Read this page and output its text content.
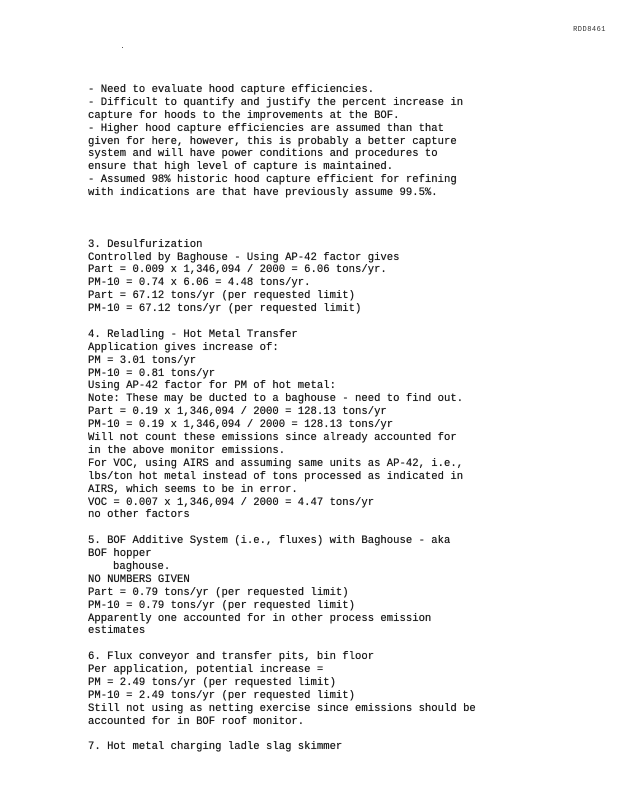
RDD8461
- Need to evaluate hood capture efficiencies.
- Difficult to quantify and justify the percent increase in
capture for hoods to the improvements at the BOF.
- Higher hood capture efficiencies are assumed than that
given for here, however, this is probably a better capture
system and will have power conditions and procedures to
ensure that high level of capture is maintained.
- Assumed 98% historic hood capture efficient for refining
with indications are that have previously assume 99.5%.
3. Desulfurization
Controlled by Baghouse - Using AP-42 factor gives
Part = 0.009 x 1,346,094 / 2000 = 6.06 tons/yr.
PM-10 = 0.74 x 6.06 = 4.48 tons/yr.
Part = 67.12 tons/yr (per requested limit)
PM-10 = 67.12 tons/yr (per requested limit)
4. Reladling - Hot Metal Transfer
Application gives increase of:
PM = 3.01 tons/yr
PM-10 = 0.81 tons/yr
Using AP-42 factor for PM of hot metal:
Note: These may be ducted to a baghouse - need to find out.
Part = 0.19 x 1,346,094 / 2000 = 128.13 tons/yr
PM-10 = 0.19 x 1,346,094 / 2000 = 128.13 tons/yr
Will not count these emissions since already accounted for
in the above monitor emissions.
For VOC, using AIRS and assuming same units as AP-42, i.e.,
lbs/ton hot metal instead of tons processed as indicated in
AIRS, which seems to be in error.
VOC = 0.007 x 1,346,094 / 2000 = 4.47 tons/yr
no other factors
5. BOF Additive System (i.e., fluxes) with Baghouse - aka
BOF hopper
baghouse.
NO NUMBERS GIVEN
Part = 0.79 tons/yr (per requested limit)
PM-10 = 0.79 tons/yr (per requested limit)
Apparently one accounted for in other process emission
estimates
6. Flux conveyor and transfer pits, bin floor
Per application, potential increase =
PM = 2.49 tons/yr (per requested limit)
PM-10 = 2.49 tons/yr (per requested limit)
Still not using as netting exercise since emissions should be
accounted for in BOF roof monitor.
7. Hot metal charging ladle slag skimmer
